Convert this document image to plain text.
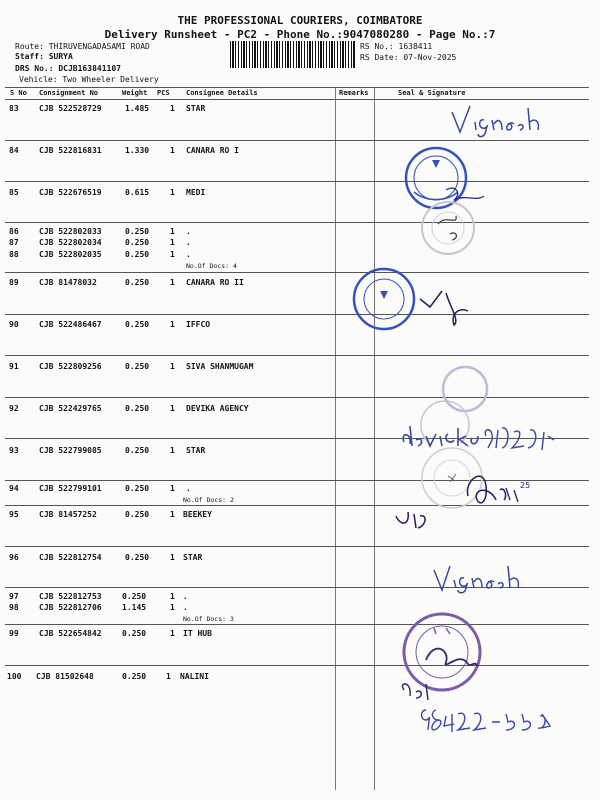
THE PROFESSIONAL COURIERS, COIMBATORE
Delivery Runsheet - PC2 - Phone No.:9047080280 - Page No.:7
Route: THIRUVENGADASAMI ROAD
Staff: SURYA
DRS No.: DCJB163841107
Vehicle: Two Wheeler Delivery
RS No.: 1638411
RS Date: 07-Nov-2025
S No Consignment No	Weight PCS Consignee Details	Remarks	Seal & Signature
83	CJB 522528729	1.485	1 STAR
84	CJB 522816831	1.330	1 CANARA RO I
85	CJB 522676519	0.615	1 MEDI
86	CJB 522802033	0.250	1 .
87	CJB 522802034	0.250	1 .
88	CJB 522802035	0.250	1 .
No.Of Docs: 4
89	CJB 81478032	0.250	1 CANARA RO II
90	CJB 522486467	0.250	1 IFFCO
91	CJB 522809256	0.250	1 SIVA SHANMUGAM
92	CJB 522429765	0.250	1 DEVIKA AGENCY
93	CJB 522799085	0.250	1 STAR
94	CJB 522799101	0.250	1 .
No.Of Docs: 2
95	CJB 81457252	0.250	1 BEEKEY
96	CJB 522812754	0.250	1 STAR
97	CJB 522812753	0.250	1 .
98	CJB 522812706	1.145	1 .
No.Of Docs: 3
99	CJB 522654842	0.250	1 IT HUB
100 CJB 81502648	0.250 1 NALINI
25
